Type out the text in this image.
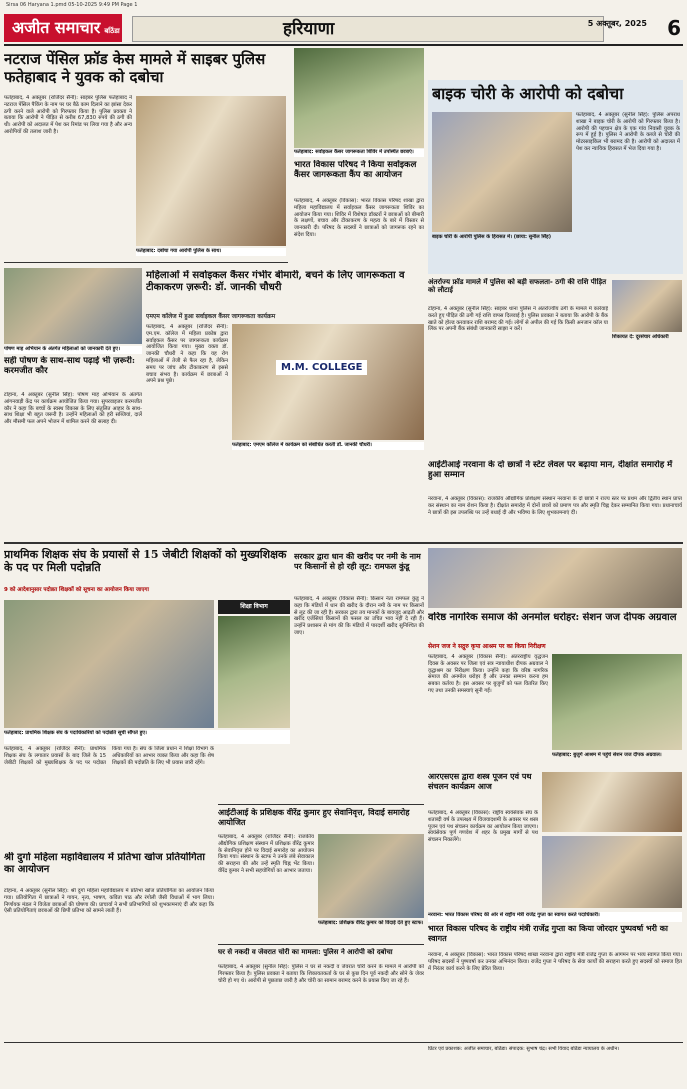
Sirsa 06 Haryana 1.pmd 05-10-2025 9:49 PM Page 1
अजीत समाचार बठिंडा	हरियाणा	5 अक्तूबर, 2025 6
नटराज पेंसिल फ्रॉड केस मामले में साइबर पुलिस फतेहाबाद ने युवक को दबोचा
फतेहाबाद, 4 अक्तूबर (राजिंदर सैनी): साइबर पुलिस फतेहाबाद ने नटराज पेंसिल पैकिंग के नाम पर घर बैठे काम दिलाने का झांसा देकर ठगी करने वाले आरोपी को गिरफ्तार किया है। पुलिस प्रवक्ता ने बताया कि आरोपी ने पीड़ित से करीब 67,830 रुपये की ठगी की थी। आरोपी को अदालत में पेश कर रिमांड पर लिया गया है और अन्य आरोपियों की तलाश जारी है।
फतेहाबाद: दबोचा गया आरोपी पुलिस के साथ।
फतेहाबाद: सर्वाइकल कैंसर जागरूकता शिविर में उपस्थित छात्राएं।
भारत विकास परिषद ने किया सर्वाइकल कैंसर जागरूकता कैंप का आयोजन
फतेहाबाद, 4 अक्तूबर (विकास): भारत विकास परिषद शाखा द्वारा महिला महाविद्यालय में सर्वाइकल कैंसर जागरूकता शिविर का आयोजन किया गया। शिविर में विशेषज्ञ डॉक्टरों ने छात्राओं को बीमारी के लक्षणों, बचाव और टीकाकरण के महत्व के बारे में विस्तार से जानकारी दी। परिषद के सदस्यों ने छात्राओं को जागरूक रहने का संदेश दिया।
बाइक चोरी के आरोपी को दबोचा
बाइक चोरी के आरोपी पुलिस के हिरासत में। (छाया: सुनील सिंह)
फतेहाबाद, 4 अक्तूबर (सुनील सिंह): पुलिस अपराध शाखा ने बाइक चोरी के आरोपी को गिरफ्तार किया है। आरोपी की पहचान क्षेत्र के एक गांव निवासी युवक के रूप में हुई है। पुलिस ने आरोपी के कब्जे से चोरी की मोटरसाइकिल भी बरामद की है। आरोपी को अदालत में पेश कर न्यायिक हिरासत में भेज दिया गया है।
पोषण माह अभियान के अंतर्गत महिलाओं को जानकारी देते हुए।
सही पोषण के साथ-साथ पढ़ाई भी ज़रूरी: करमजीत कौर
टोहाना, 4 अक्तूबर (सुनील सिंह): पोषण माह अभियान के अंतर्गत आंगनवाड़ी केंद्र पर कार्यक्रम आयोजित किया गया। सुपरवाइजर करमजीत कौर ने कहा कि बच्चों के स्वस्थ विकास के लिए संतुलित आहार के साथ-साथ शिक्षा भी बहुत जरूरी है। उन्होंने महिलाओं को हरी सब्जियां, दालें और मौसमी फल अपने भोजन में शामिल करने की सलाह दी।
महिलाओं में सर्वाइकल कैंसर गंभीर बीमारी, बचने के लिए जागरूकता व टीकाकरण ज़रूरी: डॉ. जानकी चौधरी
एमएम कॉलेज में हुआ सर्वाइकल कैंसर जागरूकता कार्यक्रम
फतेहाबाद, 4 अक्तूबर (राजिंदर सैनी): एम.एम. कॉलेज में महिला प्रकोष्ठ द्वारा सर्वाइकल कैंसर पर जागरूकता कार्यक्रम आयोजित किया गया। मुख्य वक्ता डॉ. जानकी चौधरी ने कहा कि यह रोग महिलाओं में तेजी से फैल रहा है, लेकिन समय पर जांच और टीकाकरण से इससे बचाव संभव है। कार्यक्रम में छात्राओं ने अपने प्रश्न पूछे।
M.M. COLLEGE
फतेहाबाद: एमएम कॉलेज में कार्यक्रम को संबोधित करती डॉ. जानकी चौधरी।
अंतर्राज्य फ्रॉड मामले में पुलिस को बड़ी सफलता- ठगी की राशि पीड़ित को लौटाई
टोहाना, 4 अक्तूबर (सुनील सिंह): साइबर थाना पुलिस ने अंतर्राज्यीय ठगी के मामले में कार्रवाई करते हुए पीड़ित की ठगी गई राशि वापस दिलवाई है। पुलिस प्रवक्ता ने बताया कि आरोपी के बैंक खाते को होल्ड करवाकर राशि बरामद की गई। लोगों से अपील की गई कि किसी अनजान कॉल या लिंक पर अपनी बैंक संबंधी जानकारी साझा न करें।
शिकायत दें: दूरसंचार अधिकारी
आईटीआई नरवाना के दो छात्रों ने स्टेट लेवल पर बढ़ाया मान, दीक्षांत समारोह में हुआ सम्मान
नरवाना, 4 अक्तूबर (विकास): राजकीय औद्योगिक प्रशिक्षण संस्थान नरवाना के दो छात्रों ने राज्य स्तर पर प्रथम और द्वितीय स्थान प्राप्त कर संस्थान का नाम रोशन किया है। दीक्षांत समारोह में दोनों छात्रों को प्रमाण पत्र और स्मृति चिह्न देकर सम्मानित किया गया। प्रधानाचार्य ने छात्रों की इस उपलब्धि पर उन्हें बधाई दी और भविष्य के लिए शुभकामनाएं दीं।
प्राथमिक शिक्षक संघ के प्रयासों से 15 जेबीटी शिक्षकों को मुख्यशिक्षक के पद पर मिली पदोन्नति
9 को आदेशानुसार पदोन्नत शिक्षकों को सूचना का आयोजन किया जाएगा
शिक्षा विभाग
फतेहाबाद: प्राथमिक शिक्षक संघ के पदाधिकारियों को पदोन्नति सूची सौंपते हुए।
फतेहाबाद, 4 अक्तूबर (राजिंदर सैनी): प्राथमिक शिक्षक संघ के लगातार प्रयासों के बाद जिले के 15 जेबीटी शिक्षकों को मुख्यशिक्षक के पद पर पदोन्नत किया गया है। संघ के जिला प्रधान ने शिक्षा विभाग के अधिकारियों का आभार व्यक्त किया और कहा कि शेष शिक्षकों की पदोन्नति के लिए भी प्रयास जारी रहेंगे।
सरकार द्वारा धान की खरीद पर नमी के नाम पर किसानों से हो रही लूट: रामफल कुंडू
फतेहाबाद, 4 अक्तूबर (विकास सैनी): किसान नेता रामफल कुंडू ने कहा कि मंडियों में धान की खरीद के दौरान नमी के नाम पर किसानों से लूट की जा रही है। सरकार द्वारा तय मानकों के बावजूद आढ़ती और खरीद एजेंसियां किसानों की फसल का उचित भाव नहीं दे रही हैं। उन्होंने प्रशासन से मांग की कि मंडियों में पारदर्शी खरीद सुनिश्चित की जाए।
वरिष्ठ नागरिक समाज की अनमोल धरोहर: सेशन जज दीपक अग्रवाल
सेशन जज ने सद्गुरु कृपा आश्रम पर का किया निरीक्षण
फतेहाबाद, 4 अक्तूबर (विकास सैनी): अंतरराष्ट्रीय वृद्धजन दिवस के अवसर पर जिला एवं सत्र न्यायाधीश दीपक अग्रवाल ने वृद्धाश्रम का निरीक्षण किया। उन्होंने कहा कि वरिष्ठ नागरिक समाज की अनमोल धरोहर हैं और उनका सम्मान करना हम सबका कर्तव्य है। इस अवसर पर बुजुर्गों को फल वितरित किए गए तथा उनकी समस्याएं सुनी गईं।
फतेहाबाद: बुजुर्ग आश्रम में पहुंचे सेशन जज दीपक अग्रवाल।
आईटीआई के प्रशिक्षक वीरेंद्र कुमार हुए सेवानिवृत्त, विदाई समारोह आयोजित
फतेहाबाद, 4 अक्तूबर (राजिंदर सैनी): राजकीय औद्योगिक प्रशिक्षण संस्थान में प्रशिक्षक वीरेंद्र कुमार के सेवानिवृत्त होने पर विदाई समारोह का आयोजन किया गया। संस्थान के स्टाफ ने उनके लंबे सेवाकाल की सराहना की और उन्हें स्मृति चिह्न भेंट किया। वीरेंद्र कुमार ने सभी सहयोगियों का आभार जताया।
फतेहाबाद: प्रशिक्षक वीरेंद्र कुमार को विदाई देते हुए स्टाफ।
श्री दुर्गा महिला महाविद्यालय में प्रतिभा खोज प्रतियोगिता का आयोजन
टोहाना, 4 अक्तूबर (सुनील सिंह): श्री दुर्गा महिला महाविद्यालय में प्रतिभा खोज प्रतियोगिता का आयोजन किया गया। प्रतियोगिता में छात्राओं ने गायन, नृत्य, भाषण, कविता पाठ और रंगोली जैसी विधाओं में भाग लिया। निर्णायक मंडल ने विजेता छात्राओं की घोषणा की। प्राचार्या ने सभी प्रतिभागियों को शुभकामनाएं दीं और कहा कि ऐसी प्रतियोगिताएं छात्राओं की छिपी प्रतिभा को सामने लाती हैं।
घर से नकदी व जेवरात चोरी का मामला: पुलिस ने आरोपी को दबोचा
फतेहाबाद, 4 अक्तूबर (सुनील सिंह): पुलिस ने घर से नकदी व जेवरात चोरी करने के मामले में आरोपी को गिरफ्तार किया है। पुलिस प्रवक्ता ने बताया कि शिकायतकर्ता के घर से कुछ दिन पूर्व नकदी और सोने के जेवर चोरी हो गए थे। आरोपी से पूछताछ जारी है और चोरी का सामान बरामद करने के प्रयास किए जा रहे हैं।
आरएसएस द्वारा शस्त्र पूजन एवं पथ संचलन कार्यक्रम आज
फतेहाबाद, 4 अक्तूबर (विकास): राष्ट्रीय स्वयंसेवक संघ के शताब्दी वर्ष के उपलक्ष्य में विजयादशमी के अवसर पर शस्त्र पूजन एवं पथ संचलन कार्यक्रम का आयोजन किया जाएगा। स्वयंसेवक पूर्ण गणवेश में शहर के प्रमुख मार्गों से पथ संचलन निकालेंगे।
नरवाना: भारत विकास परिषद की ओर से राष्ट्रीय मंत्री राजेंद्र गुप्ता का स्वागत करते पदाधिकारी।
भारत विकास परिषद के राष्ट्रीय मंत्री राजेंद्र गुप्ता का किया जोरदार पुष्पवर्षा भरी का स्वागत
नरवाना, 4 अक्तूबर (विकास): भारत विकास परिषद शाखा नरवाना द्वारा राष्ट्रीय मंत्री राजेंद्र गुप्ता के आगमन पर भव्य स्वागत किया गया। परिषद सदस्यों ने पुष्पवर्षा कर उनका अभिनंदन किया। राजेंद्र गुप्ता ने परिषद के सेवा कार्यों की सराहना करते हुए सदस्यों को समाज हित में निरंतर कार्य करने के लिए प्रेरित किया।
प्रिंटर एवं प्रकाशक: अजीत समाचार, बठिंडा। संपादक: सुभाष चंद्र। सभी विवाद बठिंडा न्यायालय के अधीन।
